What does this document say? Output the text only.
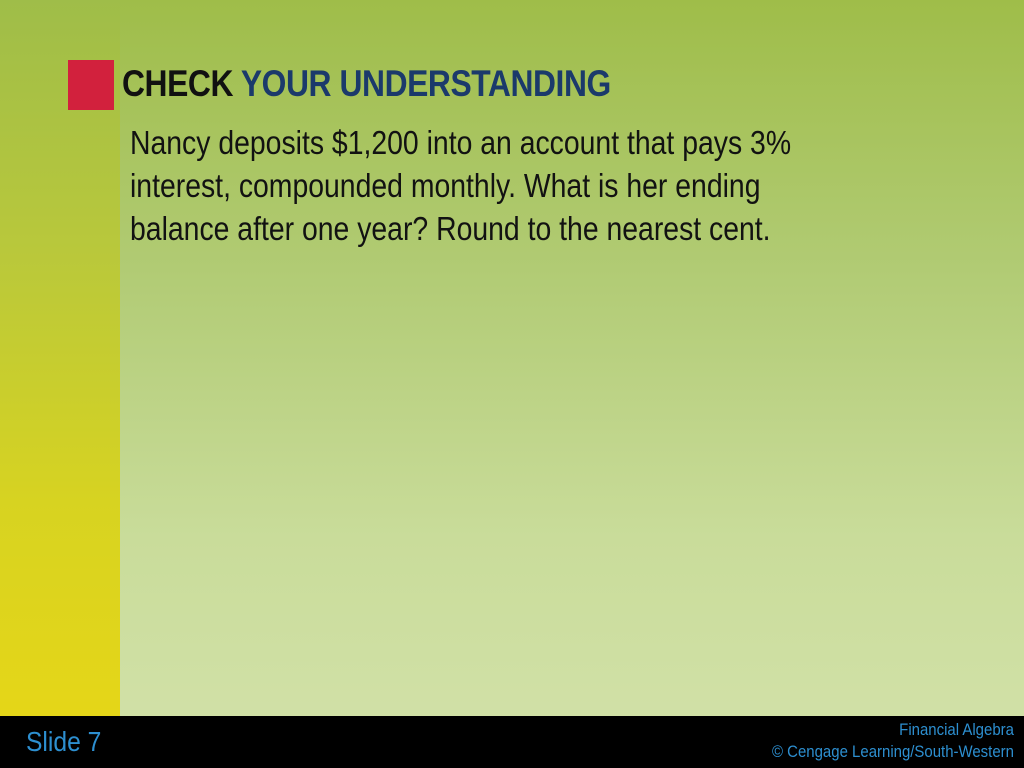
CHECK YOUR UNDERSTANDING

Nancy deposits $1,200 into an account that pays 3%
interest, compounded monthly. What is her ending
balance after one year? Round to the nearest cent.

Slide 7	Financial Algebra
© Cengage Learning/South-Western
